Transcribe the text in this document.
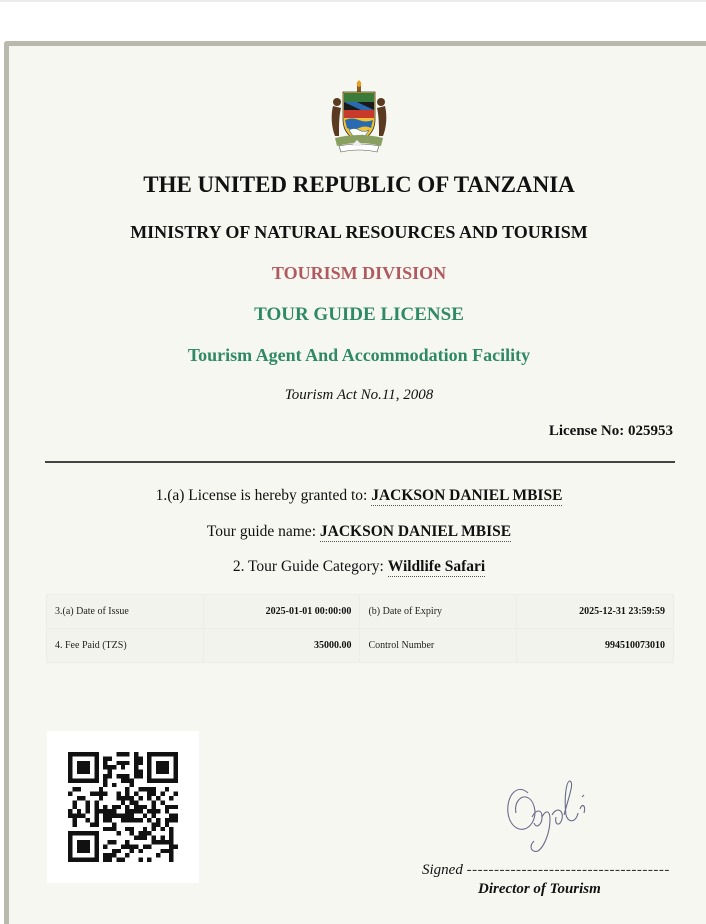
THE UNITED REPUBLIC OF TANZANIA
MINISTRY OF NATURAL RESOURCES AND TOURISM
TOURISM DIVISION
TOUR GUIDE LICENSE
Tourism Agent And Accommodation Facility
Tourism Act No.11, 2008
License No: 025953
1.(a) License is hereby granted to: JACKSON DANIEL MBISE
Tour guide name: JACKSON DANIEL MBISE
2. Tour Guide Category: Wildlife Safari
3.(a) Date of Issue	2025-01-01 00:00:00	(b) Date of Expiry	2025-12-31 23:59:59
4. Fee Paid (TZS)	35000.00	Control Number	994510073010
Signed -------------------------------------
Director of Tourism
